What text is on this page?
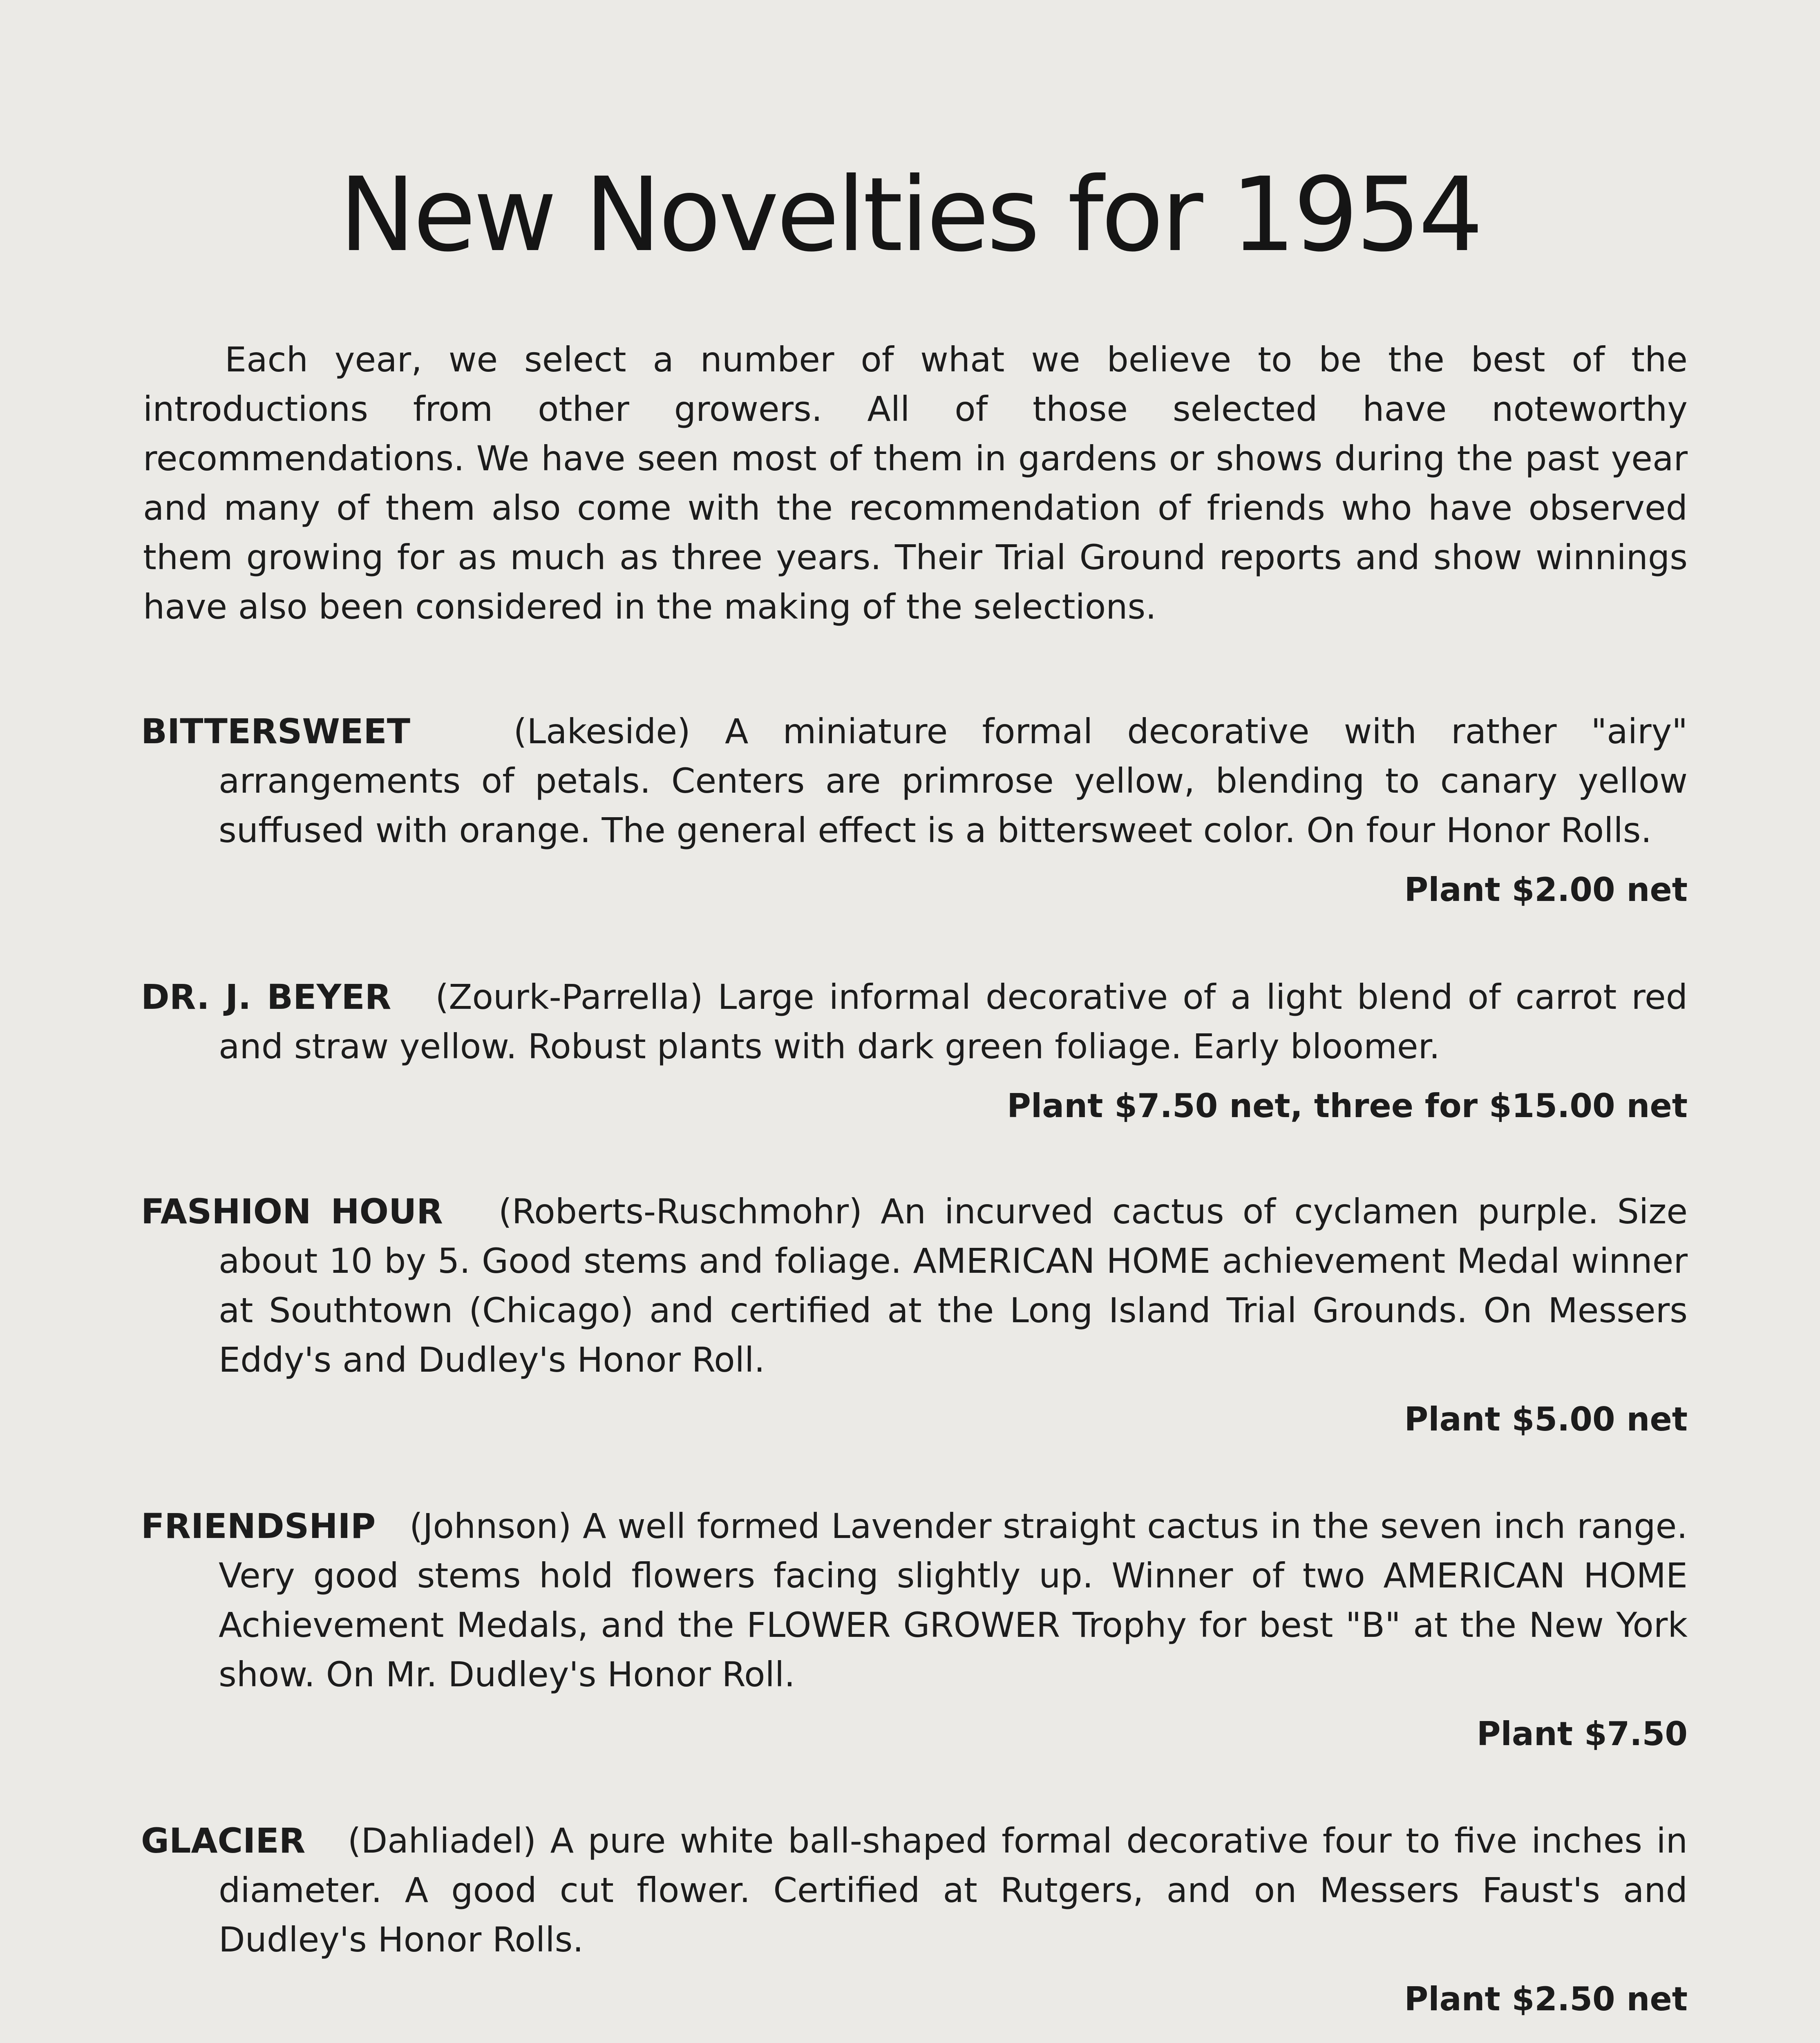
New Novelties for 1954

Each year, we select a number of what we believe to be the best of the introductions from other growers. All of those selected have noteworthy recommendations. We have seen most of them in gardens or shows during the past year and many of them also come with the recommendation of friends who have observed them growing for as much as three years. Their Trial Ground reports and show winnings have also been considered in the making of the selections.

BITTERSWEET	(Lakeside) A miniature formal decorative with rather "airy" arrangements of petals. Centers are primrose yellow, blending to canary yellow suffused with orange. The general effect is a bittersweet color. On four Honor Rolls.

Plant $2.00 net

DR. J. BEYER (Zourk-Parrella) Large informal decorative of a light blend of carrot red and straw yellow. Robust plants with dark green foliage. Early bloomer.

Plant $7.50 net, three for $15.00 net

FASHION HOUR (Roberts-Ruschmohr) An incurved cactus of cyclamen purple. Size about 10 by 5. Good stems and foliage. AMERICAN HOME achievement Medal winner at Southtown (Chicago) and certified at the Long Island Trial Grounds. On Messers Eddy's and Dudley's Honor Roll.

Plant $5.00 net

FRIENDSHIP (Johnson) A well formed Lavender straight cactus in the seven inch range. Very good stems hold flowers facing slightly up. Winner of two AMERICAN HOME Achievement Medals, and the FLOWER GROWER Trophy for best "B" at the New York show. On Mr. Dudley's Honor Roll.

Plant $7.50

GLACIER (Dahliadel) A pure white ball-shaped formal decorative four to five inches in diameter. A good cut flower. Certified at Rutgers, and on Messers Faust's and Dudley's Honor Rolls.

Plant $2.50 net
